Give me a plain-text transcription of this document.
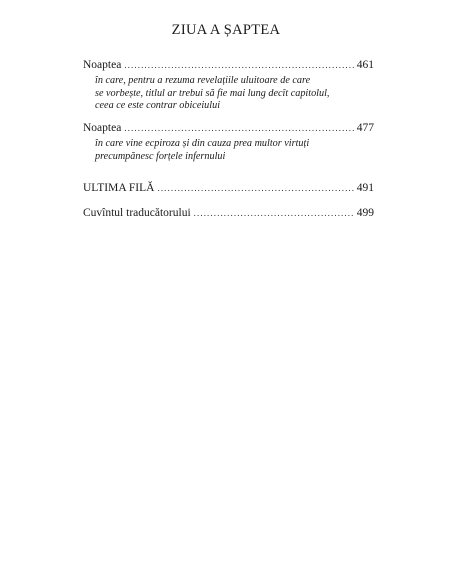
ZIUA A ȘAPTEA
Noaptea .....	461
în care, pentru a rezuma revelațiile uluitoare de care
se vorbește, titlul ar trebui să fie mai lung decît capitolul,
ceea ce este contrar obiceiului
Noaptea .....	477
în care vine ecpiroza și din cauza prea multor virtuți
precumpănesc forțele infernului
ULTIMA FILĂ .....	491
Cuvîntul traducătorului .....	499
